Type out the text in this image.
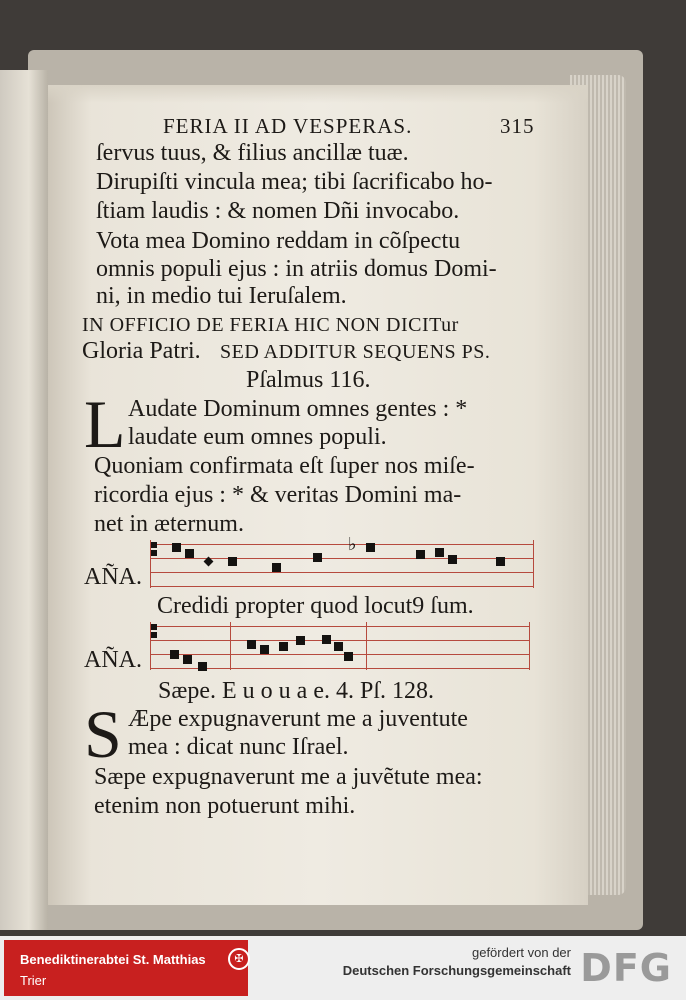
FERIA II AD VESPERAS.	315
ſervus tuus, & filius ancillæ tuæ.
Dirupiſti vincula mea; tibi ſacrificabo ho-
ſtiam laudis : & nomen Dñi invocabo.
Vota mea Domino reddam in cõſpectu
omnis populi ejus : in atriis domus Domi-
ni, in medio tui Ieruſalem.
IN OFFICIO DE FERIA HIC NON DICITur
Gloria Patri. SED ADDITUR SEQUENS PS.
Pſalmus 116.
L Audate Dominum omnes gentes : *
laudate eum omnes populi.
Quoniam confirmata eſt ſuper nos miſe-
ricordia ejus : * & veritas Domini ma-
net in æternum.
♭
AÑA.
Credidi propter quod locut9 ſum.
AÑA.
Sæpe. E u o u a e. 4. Pſ. 128.
S Æpe expugnaverunt me a juventute
mea : dicat nunc Iſrael.
Sæpe expugnaverunt me a juvẽtute mea:
etenim non potuerunt mihi.
Benediktinerabtei St. Matthias
Trier
✠	gefördert von der
Deutschen Forschungsgemeinschaft DFG
